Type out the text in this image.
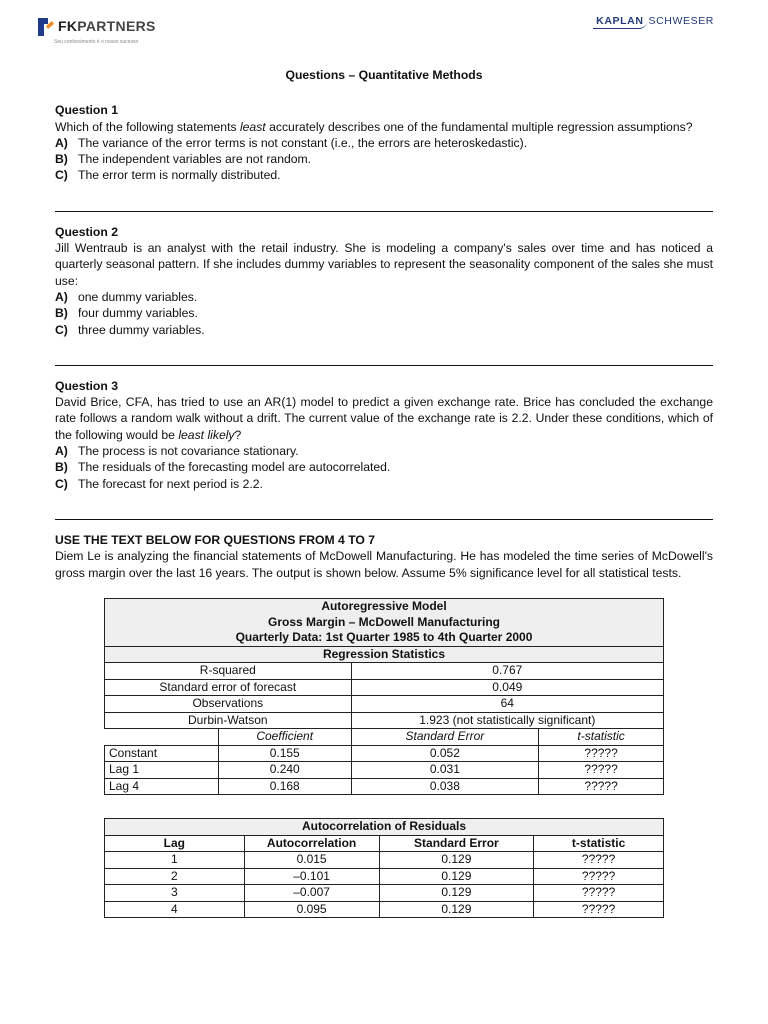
FKPARTNERS
Seu conhecimento é o nosso sucesso
KAPLAN SCHWESER
Questions – Quantitative Methods
Question 1
Which of the following statements least accurately describes one of the fundamental multiple regression assumptions?
A) The variance of the error terms is not constant (i.e., the errors are heteroskedastic).
B) The independent variables are not random.
C) The error term is normally distributed.
Question 2
Jill Wentraub is an analyst with the retail industry. She is modeling a company's sales over time and has noticed a quarterly seasonal pattern. If she includes dummy variables to represent the seasonality component of the sales she must use:
A) one dummy variables.
B) four dummy variables.
C) three dummy variables.
Question 3
David Brice, CFA, has tried to use an AR(1) model to predict a given exchange rate. Brice has concluded the exchange rate follows a random walk without a drift. The current value of the exchange rate is 2.2. Under these conditions, which of the following would be least likely?
A) The process is not covariance stationary.
B) The residuals of the forecasting model are autocorrelated.
C) The forecast for next period is 2.2.
USE THE TEXT BELOW FOR QUESTIONS FROM 4 TO 7
Diem Le is analyzing the financial statements of McDowell Manufacturing. He has modeled the time series of McDowell's gross margin over the last 16 years. The output is shown below. Assume 5% significance level for all statistical tests.
Autoregressive Model
Gross Margin – McDowell Manufacturing
Quarterly Data: 1st Quarter 1985 to 4th Quarter 2000			

Regression Statistics			
R-squared		0.767	
Standard error of forecast		0.049	
Observations		64	
Durbin-Watson		1.923 (not statistically significant)	
	Coefficient	Standard Error	t-statistic
Constant	0.155	0.052	?????
Lag 1	0.240	0.031	?????
Lag 4	0.168	0.038	?????
Autocorrelation of Residuals			
Lag	Autocorrelation	Standard Error	t-statistic
1	0.015	0.129	?????
2	–0.101	0.129	?????
3	–0.007	0.129	?????
4	0.095	0.129	?????
